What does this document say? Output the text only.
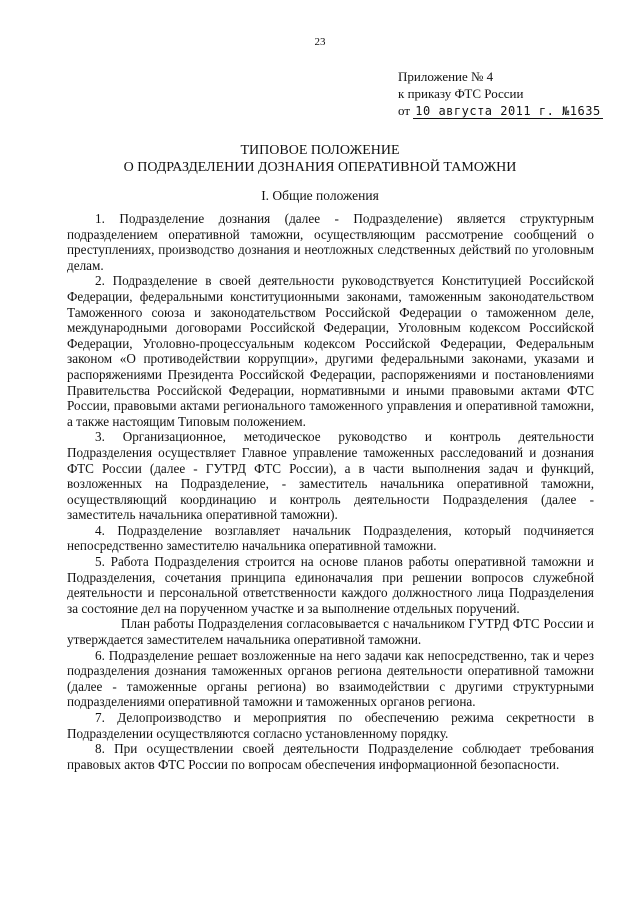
23
Приложение № 4
к приказу ФТС России
от 10 августа 2011 г. №1635
ТИПОВОЕ ПОЛОЖЕНИЕ
О ПОДРАЗДЕЛЕНИИ ДОЗНАНИЯ ОПЕРАТИВНОЙ ТАМОЖНИ
I. Общие положения

1. Подразделение дознания (далее - Подразделение) является структурным подразделением оперативной таможни, осуществляющим рассмотрение сообщений о преступлениях, производство дознания и неотложных следственных действий по уголовным делам.

2. Подразделение в своей деятельности руководствуется Конституцией Российской Федерации, федеральными конституционными законами, таможенным законодательством Таможенного союза и законодательством Российской Федерации о таможенном деле, международными договорами Российской Федерации, Уголовным кодексом Российской Федерации, Уголовно-процессуальным кодексом Российской Федерации, Федеральным законом «О противодействии коррупции», другими федеральными законами, указами и распоряжениями Президента Российской Федерации, распоряжениями и постановлениями Правительства Российской Федерации, нормативными и иными правовыми актами ФТС России, правовыми актами регионального таможенного управления и оперативной таможни, а также настоящим Типовым положением.

3. Организационное, методическое руководство и контроль деятельности Подразделения осуществляет Главное управление таможенных расследований и дознания ФТС России (далее - ГУТРД ФТС России), а в части выполнения задач и функций, возложенных на Подразделение, - заместитель начальника оперативной таможни, осуществляющий координацию и контроль деятельности Подразделения (далее - заместитель начальника оперативной таможни).

4. Подразделение возглавляет начальник Подразделения, который подчиняется непосредственно заместителю начальника оперативной таможни.

5. Работа Подразделения строится на основе планов работы оперативной таможни и Подразделения, сочетания принципа единоначалия при решении вопросов служебной деятельности и персональной ответственности каждого должностного лица Подразделения за состояние дел на порученном участке и за выполнение отдельных поручений.

План работы Подразделения согласовывается с начальником ГУТРД ФТС России и утверждается заместителем начальника оперативной таможни.

6. Подразделение решает возложенные на него задачи как непосредственно, так и через подразделения дознания таможенных органов региона деятельности оперативной таможни (далее - таможенные органы региона) во взаимодействии с другими структурными подразделениями оперативной таможни и таможенных органов региона.

7. Делопроизводство и мероприятия по обеспечению режима секретности в Подразделении осуществляются согласно установленному порядку.

8. При осуществлении своей деятельности Подразделение соблюдает требования правовых актов ФТС России по вопросам обеспечения информационной безопасности.
